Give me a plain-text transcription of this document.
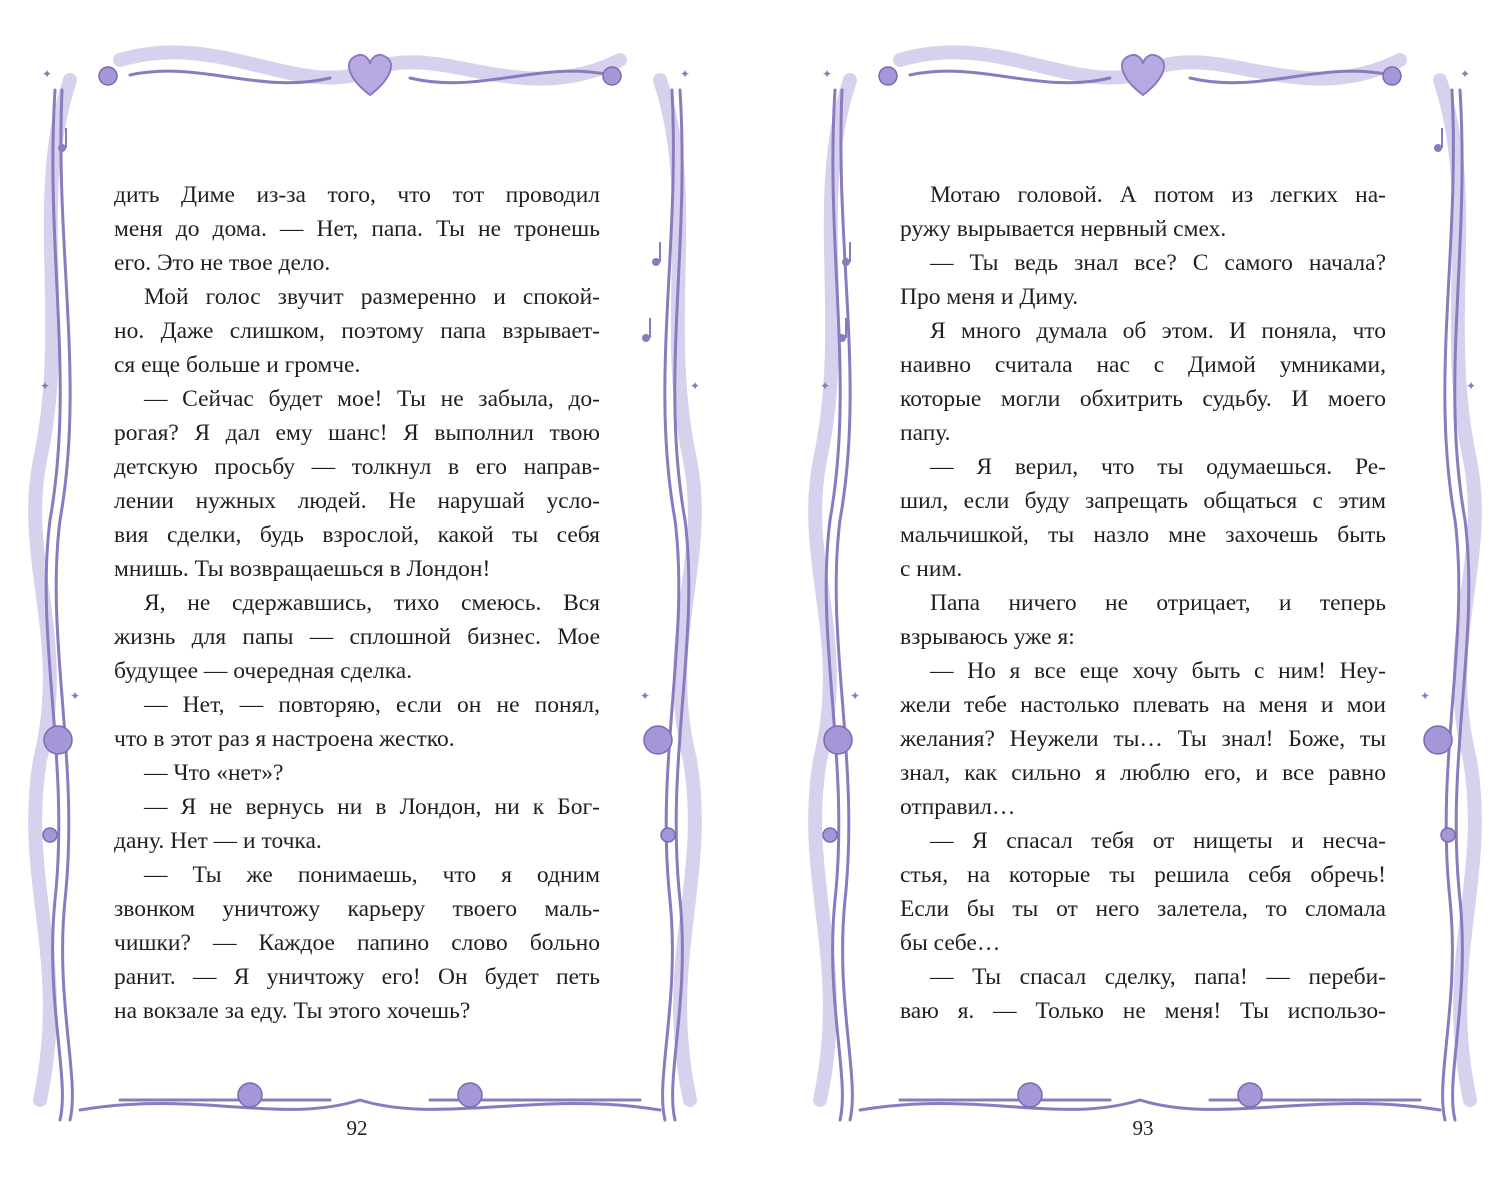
✦	✦
✦	✦
✦	✦
дить Диме из-за того, что тот проводил
меня до дома. — Нет, папа. Ты не тронешь
его. Это не твое дело.
Мой голос звучит размеренно и спокой-
но. Даже слишком, поэтому папа взрывает-
ся еще больше и громче.
— Сейчас будет мое! Ты не забыла, до-
рогая? Я дал ему шанс! Я выполнил твою
детскую просьбу — толкнул в его направ-
лении нужных людей. Не нарушай усло-
вия сделки, будь взрослой, какой ты себя
мнишь. Ты возвращаешься в Лондон!
Я, не сдержавшись, тихо смеюсь. Вся
жизнь для папы — сплошной бизнес. Мое
будущее — очередная сделка.
— Нет, — повторяю, если он не понял,
что в этот раз я настроена жестко.
— Что «нет»?
— Я не вернусь ни в Лондон, ни к Бог-
дану. Нет — и точка.
— Ты же понимаешь, что я одним
звонком уничтожу карьеру твоего маль-
чишки? — Каждое папино слово больно
ранит. — Я уничтожу его! Он будет петь
на вокзале за еду. Ты этого хочешь?
92
✦	✦
✦	✦
✦	✦
Мотаю головой. А потом из легких на-
ружу вырывается нервный смех.
— Ты ведь знал все? С самого начала?
Про меня и Диму.
Я много думала об этом. И поняла, что
наивно считала нас с Димой умниками,
которые могли обхитрить судьбу. И моего
папу.
— Я верил, что ты одумаешься. Ре-
шил, если буду запрещать общаться с этим
мальчишкой, ты назло мне захочешь быть
с ним.
Папа ничего не отрицает, и теперь
взрываюсь уже я:
— Но я все еще хочу быть с ним! Неу-
жели тебе настолько плевать на меня и мои
желания? Неужели ты… Ты знал! Боже, ты
знал, как сильно я люблю его, и все равно
отправил…
— Я спасал тебя от нищеты и несча-
стья, на которые ты решила себя обречь!
Если бы ты от него залетела, то сломала
бы себе…
— Ты спасал сделку, папа! — переби-
ваю я. — Только не меня! Ты использо-
93
